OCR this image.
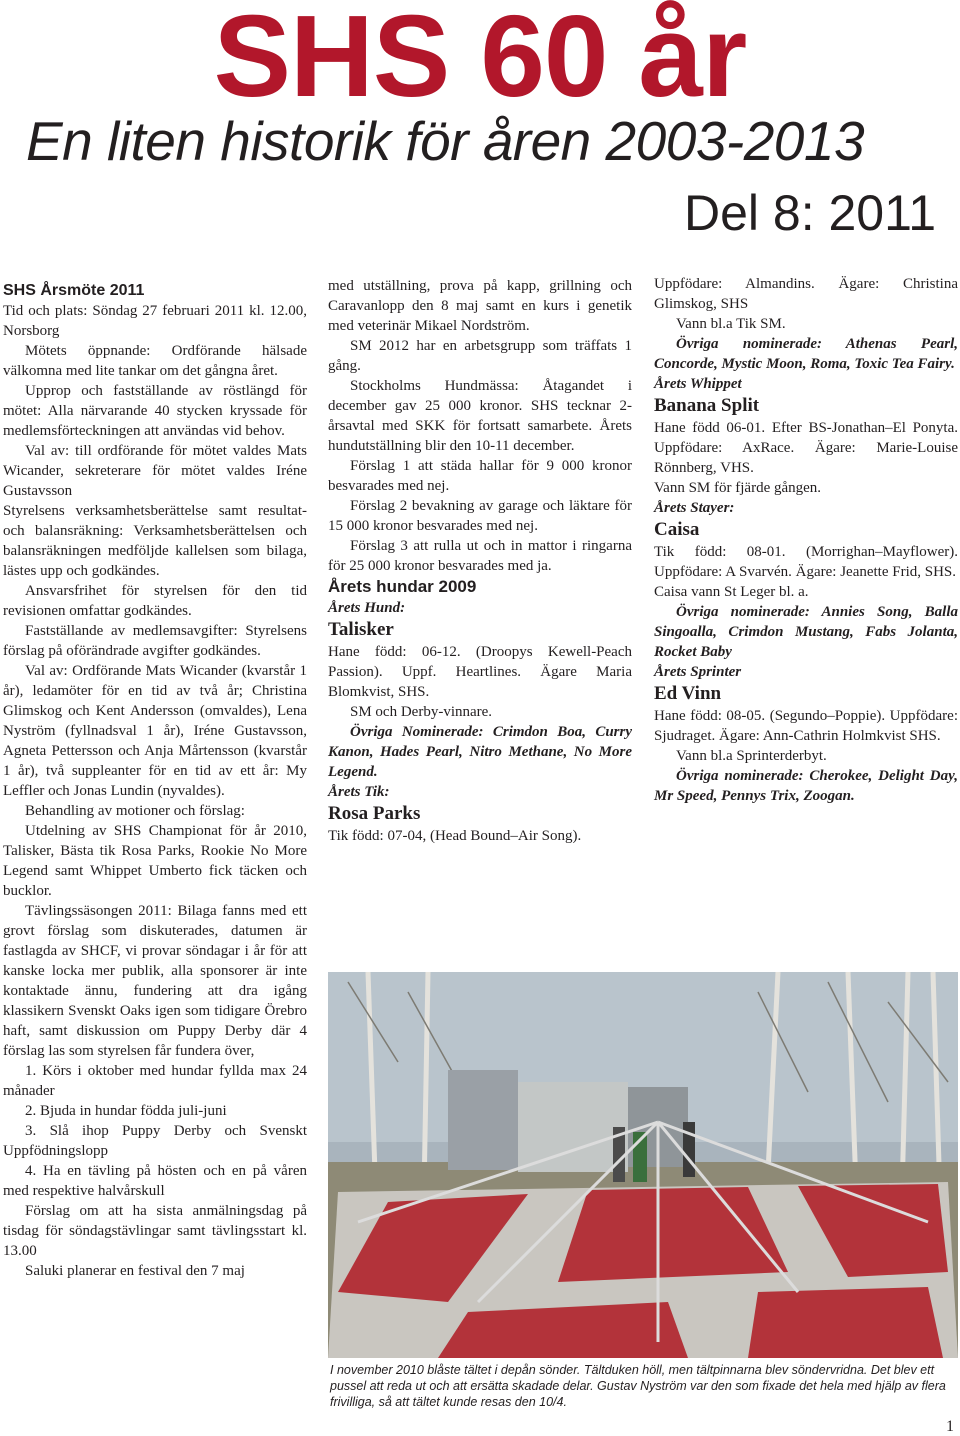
SHS 60 år
En liten historik för åren 2003-2013
Del 8: 2011

SHS Årsmöte 2011

Tid och plats: Söndag 27 februari 2011 kl. 12.00, Norsborg

Mötets öppnande: Ordförande hälsade välkomna med lite tankar om det gångna året.

Upprop och fastställande av röstlängd för mötet: Alla närvarande 40 stycken kryssade för medlemsförteckningen att användas vid behov.

Val av: till ordförande för mötet valdes Mats Wicander, sekreterare för mötet valdes Iréne Gustavsson

Styrelsens verksamhetsberättelse samt resultat- och balansräkning: Verksamhetsberättelsen och balansräkningen medföljde kallelsen som bilaga, lästes upp och godkändes.

Ansvarsfrihet för styrelsen för den tid revisionen omfattar godkändes.

Fastställande av medlemsavgifter: Styrelsens förslag på oförändrade avgifter godkändes.

Val av: Ordförande Mats Wicander (kvarstår 1 år), ledamöter för en tid av två år; Christina Glimskog och Kent Andersson (omvaldes), Lena Nyström (fyllnadsval 1 år), Iréne Gustavsson, Agneta Pettersson och Anja Mårtensson (kvarstår 1 år), två suppleanter för en tid av ett år: My Leffler och Jonas Lundin (nyvaldes).

Behandling av motioner och förslag:

Utdelning av SHS Championat för år 2010, Talisker, Bästa tik Rosa Parks, Rookie No More Legend samt Whippet Umberto fick täcken och bucklor.

Tävlingssäsongen 2011: Bilaga fanns med ett grovt förslag som diskuterades, datumen är fastlagda av SHCF, vi provar söndagar i år för att kanske locka mer publik, alla sponsorer är inte kontaktade ännu, fundering att dra igång klassikern Svenskt Oaks igen som tidigare Örebro haft, samt diskussion om Puppy Derby där 4 förslag las som styrelsen får fundera över,

1. Körs i oktober med hundar fyllda max 24 månader

2. Bjuda in hundar födda juli-juni

3. Slå ihop Puppy Derby och Svenskt Uppfödningslopp

4. Ha en tävling på hösten och en på våren med respektive halvårskull

Förslag om att ha sista anmälningsdag på tisdag för söndagstävlingar samt tävlingsstart kl. 13.00

Saluki planerar en festival den 7 maj

med utställning, prova på kapp, grillning och Caravanlopp den 8 maj samt en kurs i genetik med veterinär Mikael Nordström.

SM 2012 har en arbetsgrupp som träffats 1 gång.

Stockholms Hundmässa: Åtagandet i december gav 25 000 kronor. SHS tecknar 2-årsavtal med SKK för fortsatt samarbete. Årets hundutställning blir den 10-11 december.

Förslag 1 att städa hallar för 9 000 kronor besvarades med nej.

Förslag 2 bevakning av garage och läktare för 15 000 kronor besvarades med nej.

Förslag 3 att rulla ut och in mattor i ringarna för 25 000 kronor besvarades med ja.

Årets hundar 2009

Årets Hund:

Talisker

Hane född: 06-12. (Droopys Kewell-Peach Passion). Uppf. Heartlines. Ägare Maria Blomkvist, SHS.

SM och Derby-vinnare.

Övriga Nominerade: Crimdon Boa, Curry Kanon, Hades Pearl, Nitro Methane, No More Legend.

Årets Tik:

Rosa Parks

Tik född: 07-04, (Head Bound–Air Song).

Uppfödare: Almandins. Ägare: Christina Glimskog, SHS

Vann bl.a Tik SM.

Övriga nominerade: Athenas Pearl, Concorde, Mystic Moon, Roma, Toxic Tea Fairy.

Årets Whippet

Banana Split

Hane född 06-01. Efter BS-Jonathan–El Ponyta. Uppfödare: AxRace. Ägare: Marie-Louise Rönnberg, VHS.

Vann SM för fjärde gången.

Årets Stayer:

Caisa

Tik född: 08-01. (Morrighan–Mayflower). Uppfödare: A Svarvén. Ägare: Jeanette Frid, SHS.

Caisa vann St Leger bl. a.

Övriga nominerade: Annies Song, Balla Singoalla, Crimdon Mustang, Fabs Jolanta, Rocket Baby

Årets Sprinter

Ed Vinn

Hane född: 08-05. (Segundo–Poppie). Uppfödare: Sjudraget. Ägare: Ann-Cathrin Holmkvist SHS.

Vann bl.a Sprinterderbyt.

Övriga nominerade: Cherokee, Delight Day, Mr Speed, Pennys Trix, Zoogan.

I november 2010 blåste tältet i depån sönder. Tältduken höll, men tältpinnarna blev söndervridna. Det blev ett pussel att reda ut och att ersätta skadade delar. Gustav Nyström var den som fixade det hela med hjälp av flera frivilliga, så att tältet kunde resas den 10/4.
1
